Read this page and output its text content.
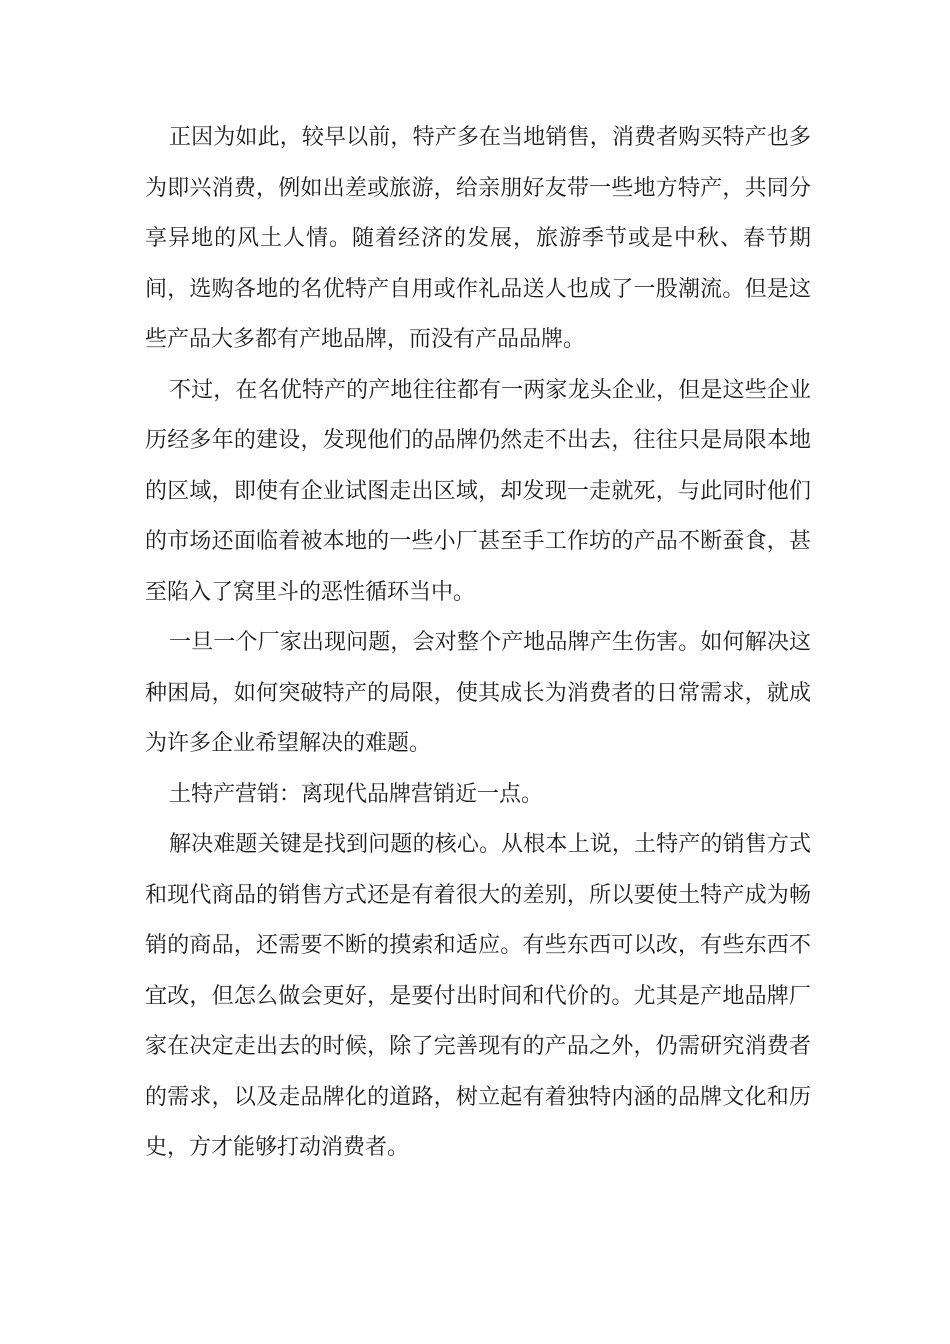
正因为如此，较早以前，特产多在当地销售，消费者购买特产也多为即兴消费，例如出差或旅游，给亲朋好友带一些地方特产，共同分享异地的风土人情。随着经济的发展，旅游季节或是中秋、春节期间，选购各地的名优特产自用或作礼品送人也成了一股潮流。但是这些产品大多都有产地品牌，而没有产品品牌。

不过，在名优特产的产地往往都有一两家龙头企业，但是这些企业历经多年的建设，发现他们的品牌仍然走不出去，往往只是局限本地的区域，即使有企业试图走出区域，却发现一走就死，与此同时他们的市场还面临着被本地的一些小厂甚至手工作坊的产品不断蚕食，甚至陷入了窝里斗的恶性循环当中。

一旦一个厂家出现问题，会对整个产地品牌产生伤害。如何解决这种困局，如何突破特产的局限，使其成长为消费者的日常需求，就成为许多企业希望解决的难题。

土特产营销：离现代品牌营销近一点。

解决难题关键是找到问题的核心。从根本上说，土特产的销售方式和现代商品的销售方式还是有着很大的差别，所以要使土特产成为畅销的商品，还需要不断的摸索和适应。有些东西可以改，有些东西不宜改，但怎么做会更好，是要付出时间和代价的。尤其是产地品牌厂家在决定走出去的时候，除了完善现有的产品之外，仍需研究消费者的需求，以及走品牌化的道路，树立起有着独特内涵的品牌文化和历史，方才能够打动消费者。
